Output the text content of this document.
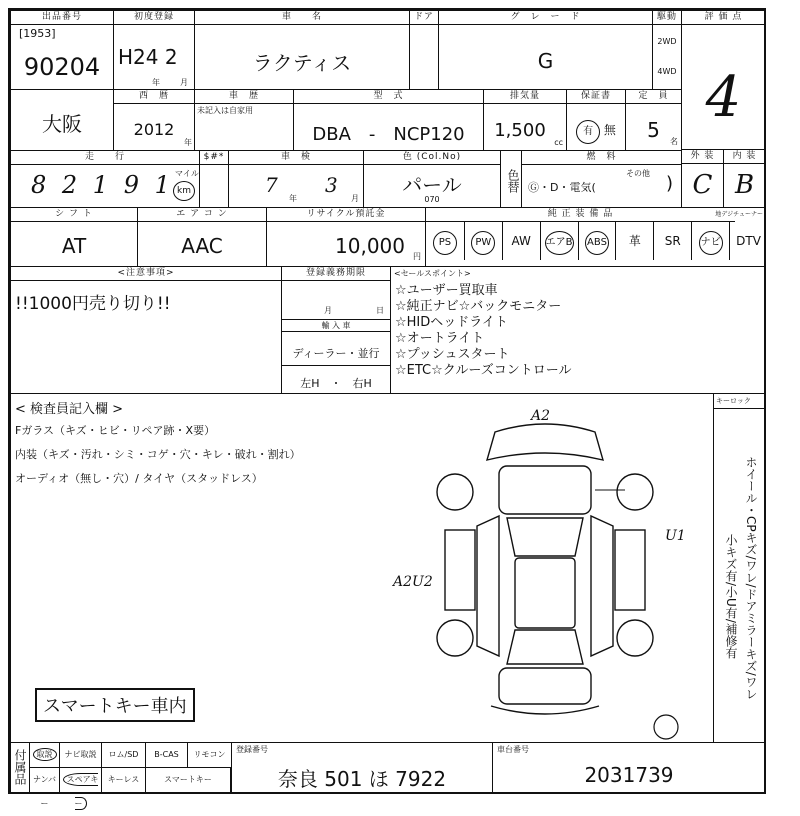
出品番号
[1953]
90204
初度登録
H24 2
年	月
車　　名
ラクティス
ドア	グ　レ　ー　ド
G
駆動
2WD
4WD
評 価 点
4
大阪
西　暦
2012
年
車　歴
未記入は自家用
型　式
DBA　-　NCP120
排気量
1,500
cc
保証書
有 無
定　員
5	名
走　　行
8 2 1 9 1 マイル
km
$#*	車　検
7
年
3
月
色 (Col.No)
パール
070
色替
燃　料
Ⓖ・D・電気(
その他 )
外 装
C
内 装
B
シ フ ト
AT
エ ア コ ン
AAC
リサイクル預託金
10,000 円
純 正 装 備 品	地デジチューナー
PS	PW	AW	エアB	ABS	革	SR	ナビ	DTV
<注意事項>
!!1000円売り切り!!
登録義務期限
月	日
輸 入 車
ディーラー・並行
左H　・　右H
<セールスポイント>
☆ユーザー買取車
☆純正ナビ☆バックモニター
☆HIDヘッドライト
☆オートライト
☆プッシュスタート
☆ETC☆クルーズコントロール
< 検査員記入欄 >
Fガラス（キズ・ヒビ・リペア跡・X要）
内装（キズ・汚れ・シミ・コゲ・穴・キレ・破れ・割れ）
オーディオ（無し・穴）/ タイヤ（スタッドレス）
スマートキー車内
A2
U1
A2U2
キーロック
ホイール・CPキズ/ワレ/ドアミラーキズ/ワレ
小キズ有/小U有/補修有
付属品	取説	ナビ取説	ロム/SD	B-CAS	リモコン
ナンバー
スペアキー
キーレス	スマートキー
登録番号
奈良 501 ほ 7922
車台番号
2031739
